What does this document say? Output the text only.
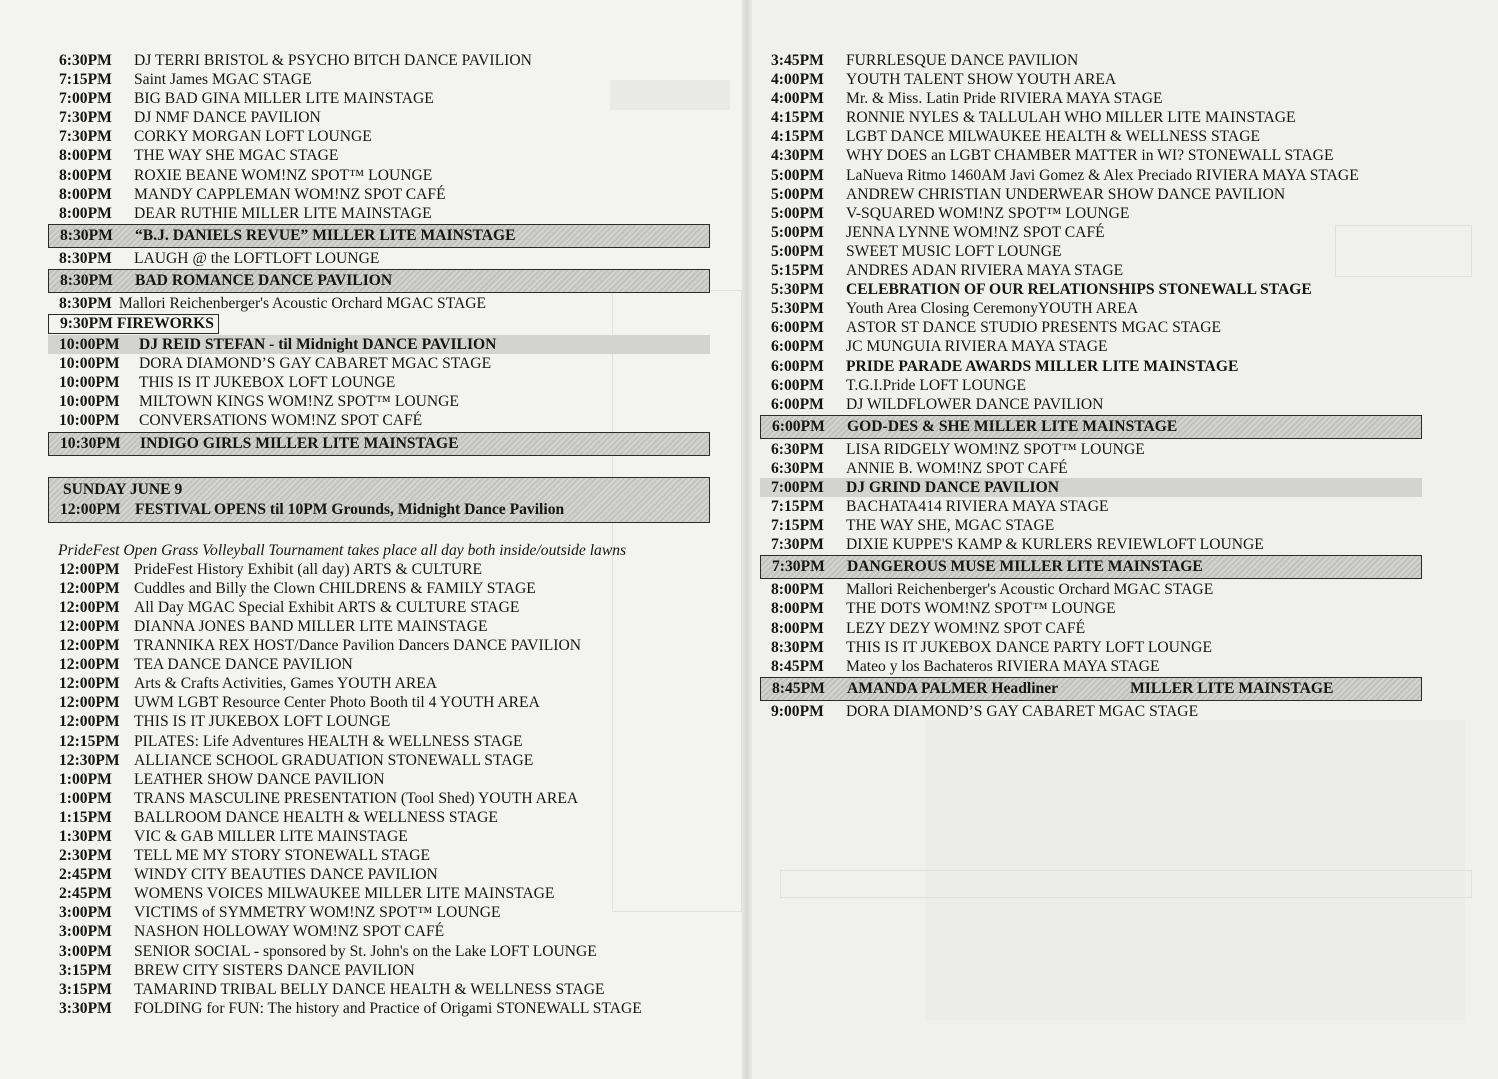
6:30PM DJ TERRI BRISTOL & PSYCHO BITCH DANCE PAVILION
7:15PM Saint James MGAC STAGE
7:00PM BIG BAD GINA MILLER LITE MAINSTAGE
7:30PM DJ NMF DANCE PAVILION
7:30PM CORKY MORGAN LOFT LOUNGE
8:00PM THE WAY SHE MGAC STAGE
8:00PM ROXIE BEANE WOM!NZ SPOT™ LOUNGE
8:00PM MANDY CAPPLEMAN WOM!NZ SPOT CAFÉ
8:00PM DEAR RUTHIE MILLER LITE MAINSTAGE
8:30PM “B.J. DANIELS REVUE” MILLER LITE MAINSTAGE
8:30PM LAUGH @ the LOFTLOFT LOUNGE
8:30PM BAD ROMANCE DANCE PAVILION
8:30PM Mallori Reichenberger's Acoustic Orchard MGAC STAGE
9:30PM FIREWORKS
10:00PM DJ REID STEFAN - til Midnight DANCE PAVILION
10:00PM DORA DIAMOND’S GAY CABARET MGAC STAGE
10:00PM THIS IS IT JUKEBOX LOFT LOUNGE
10:00PM MILTOWN KINGS WOM!NZ SPOT™ LOUNGE
10:00PM CONVERSATIONS WOM!NZ SPOT CAFÉ
10:30PM INDIGO GIRLS MILLER LITE MAINSTAGE
SUNDAY JUNE 9
12:00PM FESTIVAL OPENS til 10PM Grounds, Midnight Dance Pavilion
PrideFest Open Grass Volleyball Tournament takes place all day both inside/outside lawns
12:00PM PrideFest History Exhibit (all day) ARTS & CULTURE
12:00PM Cuddles and Billy the Clown CHILDRENS & FAMILY STAGE
12:00PM All Day MGAC Special Exhibit ARTS & CULTURE STAGE
12:00PM DIANNA JONES BAND MILLER LITE MAINSTAGE
12:00PM TRANNIKA REX HOST/Dance Pavilion Dancers DANCE PAVILION
12:00PM TEA DANCE DANCE PAVILION
12:00PM Arts & Crafts Activities, Games YOUTH AREA
12:00PM UWM LGBT Resource Center Photo Booth til 4 YOUTH AREA
12:00PM THIS IS IT JUKEBOX LOFT LOUNGE
12:15PM PILATES: Life Adventures HEALTH & WELLNESS STAGE
12:30PM ALLIANCE SCHOOL GRADUATION STONEWALL STAGE
1:00PM LEATHER SHOW DANCE PAVILION
1:00PM TRANS MASCULINE PRESENTATION (Tool Shed) YOUTH AREA
1:15PM BALLROOM DANCE HEALTH & WELLNESS STAGE
1:30PM VIC & GAB MILLER LITE MAINSTAGE
2:30PM TELL ME MY STORY STONEWALL STAGE
2:45PM WINDY CITY BEAUTIES DANCE PAVILION
2:45PM WOMENS VOICES MILWAUKEE MILLER LITE MAINSTAGE
3:00PM VICTIMS of SYMMETRY WOM!NZ SPOT™ LOUNGE
3:00PM NASHON HOLLOWAY WOM!NZ SPOT CAFÉ
3:00PM SENIOR SOCIAL - sponsored by St. John's on the Lake LOFT LOUNGE
3:15PM BREW CITY SISTERS DANCE PAVILION
3:15PM TAMARIND TRIBAL BELLY DANCE HEALTH & WELLNESS STAGE
3:30PM FOLDING for FUN: The history and Practice of Origami STONEWALL STAGE
3:45PM FURRLESQUE DANCE PAVILION
4:00PM YOUTH TALENT SHOW YOUTH AREA
4:00PM Mr. & Miss. Latin Pride RIVIERA MAYA STAGE
4:15PM RONNIE NYLES & TALLULAH WHO MILLER LITE MAINSTAGE
4:15PM LGBT DANCE MILWAUKEE HEALTH & WELLNESS STAGE
4:30PM WHY DOES an LGBT CHAMBER MATTER in WI? STONEWALL STAGE
5:00PM LaNueva Ritmo 1460AM Javi Gomez & Alex Preciado RIVIERA MAYA STAGE
5:00PM ANDREW CHRISTIAN UNDERWEAR SHOW DANCE PAVILION
5:00PM V-SQUARED WOM!NZ SPOT™ LOUNGE
5:00PM JENNA LYNNE WOM!NZ SPOT CAFÉ
5:00PM SWEET MUSIC LOFT LOUNGE
5:15PM ANDRES ADAN RIVIERA MAYA STAGE
5:30PM CELEBRATION OF OUR RELATIONSHIPS STONEWALL STAGE
5:30PM Youth Area Closing CeremonyYOUTH AREA
6:00PM ASTOR ST DANCE STUDIO PRESENTS MGAC STAGE
6:00PM JC MUNGUIA RIVIERA MAYA STAGE
6:00PM PRIDE PARADE AWARDS MILLER LITE MAINSTAGE
6:00PM T.G.I.Pride LOFT LOUNGE
6:00PM DJ WILDFLOWER DANCE PAVILION
6:00PM GOD-DES & SHE MILLER LITE MAINSTAGE
6:30PM LISA RIDGELY WOM!NZ SPOT™ LOUNGE
6:30PM ANNIE B. WOM!NZ SPOT CAFÉ
7:00PM DJ GRIND DANCE PAVILION
7:15PM BACHATA414 RIVIERA MAYA STAGE
7:15PM THE WAY SHE, MGAC STAGE
7:30PM DIXIE KUPPE'S KAMP & KURLERS REVIEWLOFT LOUNGE
7:30PM DANGEROUS MUSE MILLER LITE MAINSTAGE
8:00PM Mallori Reichenberger's Acoustic Orchard MGAC STAGE
8:00PM THE DOTS WOM!NZ SPOT™ LOUNGE
8:00PM LEZY DEZY WOM!NZ SPOT CAFÉ
8:30PM THIS IS IT JUKEBOX DANCE PARTY LOFT LOUNGE
8:45PM Mateo y los Bachateros RIVIERA MAYA STAGE
8:45PM AMANDA PALMER Headliner	MILLER LITE MAINSTAGE
9:00PM DORA DIAMOND’S GAY CABARET MGAC STAGE
